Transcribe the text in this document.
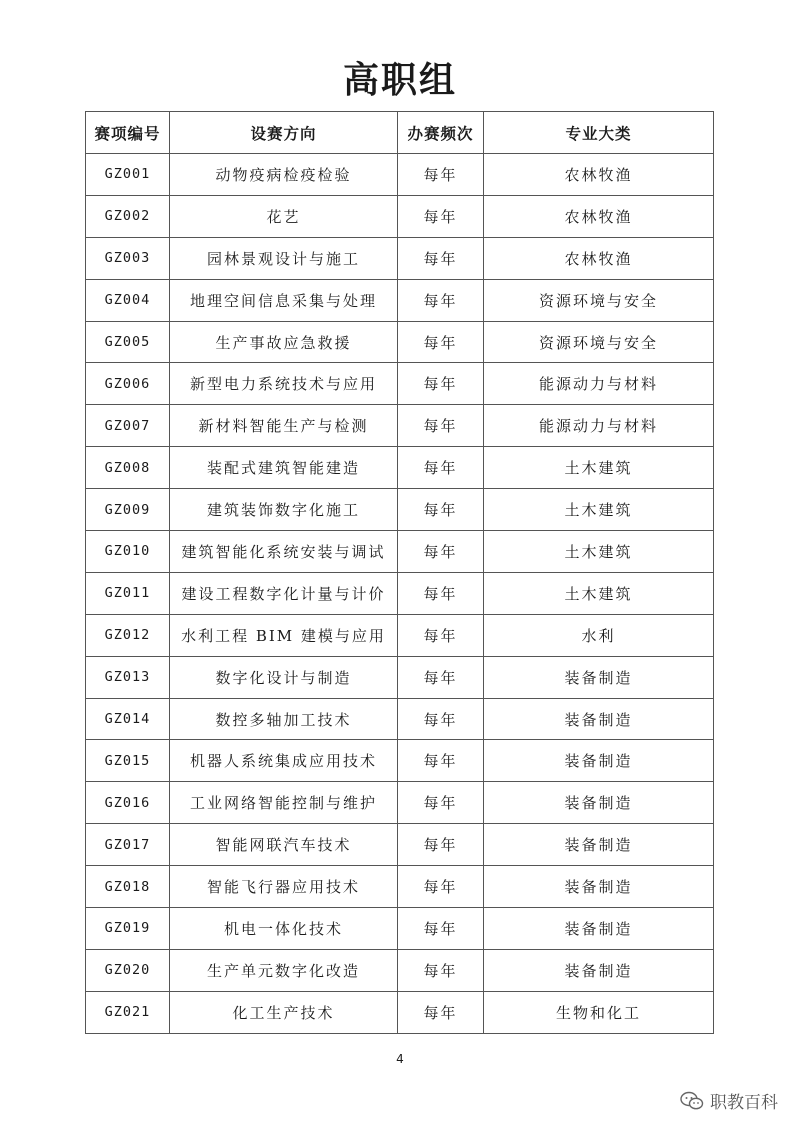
高职组
赛项编号	设赛方向	办赛频次	专业大类
GZ001	动物疫病检疫检验	每年	农林牧渔
GZ002	花艺	每年	农林牧渔
GZ003	园林景观设计与施工	每年	农林牧渔
GZ004	地理空间信息采集与处理	每年	资源环境与安全
GZ005	生产事故应急救援	每年	资源环境与安全
GZ006	新型电力系统技术与应用	每年	能源动力与材料
GZ007	新材料智能生产与检测	每年	能源动力与材料
GZ008	装配式建筑智能建造	每年	土木建筑
GZ009	建筑装饰数字化施工	每年	土木建筑
GZ010	建筑智能化系统安装与调试	每年	土木建筑
GZ011	建设工程数字化计量与计价	每年	土木建筑
GZ012	水利工程 BIM 建模与应用	每年	水利
GZ013	数字化设计与制造	每年	装备制造
GZ014	数控多轴加工技术	每年	装备制造
GZ015	机器人系统集成应用技术	每年	装备制造
GZ016	工业网络智能控制与维护	每年	装备制造
GZ017	智能网联汽车技术	每年	装备制造
GZ018	智能飞行器应用技术	每年	装备制造
GZ019	机电一体化技术	每年	装备制造
GZ020	生产单元数字化改造	每年	装备制造
GZ021	化工生产技术	每年	生物和化工
4
职教百科
